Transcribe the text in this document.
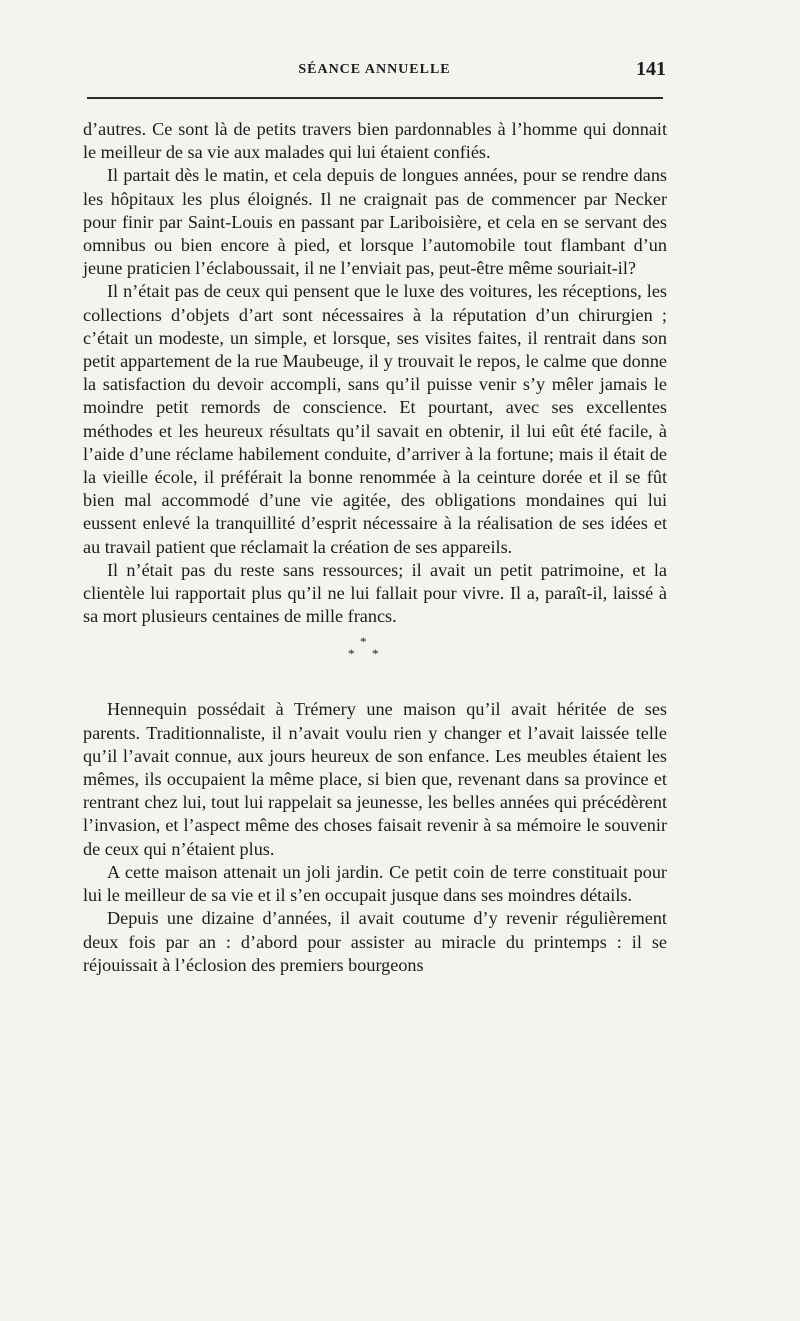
SÉANCE ANNUELLE	141

d’autres. Ce sont là de petits travers bien pardonnables à l’homme qui donnait le meilleur de sa vie aux malades qui lui étaient confiés.

Il partait dès le matin, et cela depuis de longues années, pour se rendre dans les hôpitaux les plus éloignés. Il ne craignait pas de commencer par Necker pour finir par Saint-Louis en passant par Lariboisière, et cela en se servant des omnibus ou bien encore à pied, et lorsque l’automobile tout flambant d’un jeune praticien l’éclaboussait, il ne l’enviait pas, peut-être même souriait-il?

Il n’était pas de ceux qui pensent que le luxe des voitures, les réceptions, les collections d’objets d’art sont nécessaires à la réputation d’un chirurgien ; c’était un modeste, un simple, et lorsque, ses visites faites, il rentrait dans son petit appartement de la rue Maubeuge, il y trouvait le repos, le calme que donne la satisfaction du devoir accompli, sans qu’il puisse venir s’y mêler jamais le moindre petit remords de conscience. Et pourtant, avec ses excellentes méthodes et les heureux résultats qu’il savait en obtenir, il lui eût été facile, à l’aide d’une réclame habilement conduite, d’arriver à la fortune; mais il était de la vieille école, il préférait la bonne renommée à la ceinture dorée et il se fût bien mal accommodé d’une vie agitée, des obligations mondaines qui lui eussent enlevé la tranquillité d’esprit nécessaire à la réalisation de ses idées et au travail patient que réclamait la création de ses appareils.

Il n’était pas du reste sans ressources; il avait un petit patrimoine, et la clientèle lui rapportait plus qu’il ne lui fallait pour vivre. Il a, paraît-il, laissé à sa mort plusieurs centaines de mille francs.

*
* *

Hennequin possédait à Trémery une maison qu’il avait héritée de ses parents. Traditionnaliste, il n’avait voulu rien y changer et l’avait laissée telle qu’il l’avait connue, aux jours heureux de son enfance. Les meubles étaient les mêmes, ils occupaient la même place, si bien que, revenant dans sa province et rentrant chez lui, tout lui rappelait sa jeunesse, les belles années qui précédèrent l’invasion, et l’aspect même des choses faisait revenir à sa mémoire le souvenir de ceux qui n’étaient plus.

A cette maison attenait un joli jardin. Ce petit coin de terre constituait pour lui le meilleur de sa vie et il s’en occupait jusque dans ses moindres détails.

Depuis une dizaine d’années, il avait coutume d’y revenir régulièrement deux fois par an : d’abord pour assister au miracle du printemps : il se réjouissait à l’éclosion des premiers bourgeons
